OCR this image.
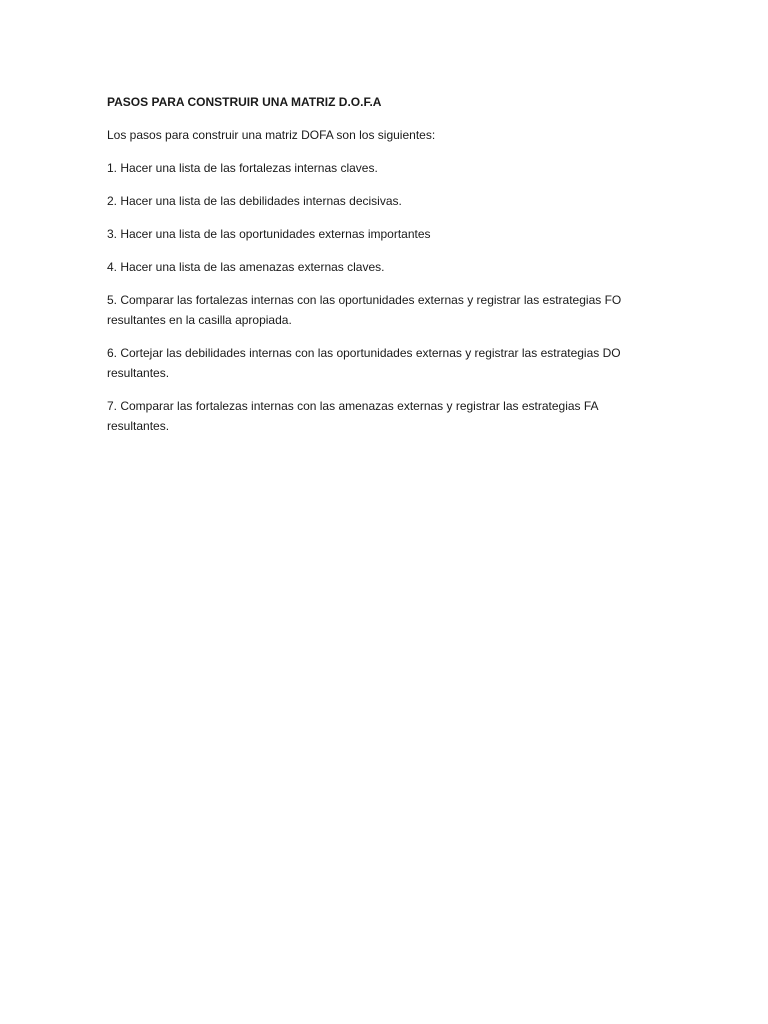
PASOS PARA CONSTRUIR UNA MATRIZ D.O.F.A

Los pasos para construir una matriz DOFA son los siguientes:

1. Hacer una lista de las fortalezas internas claves.

2. Hacer una lista de las debilidades internas decisivas.

3. Hacer una lista de las oportunidades externas importantes

4. Hacer una lista de las amenazas externas claves.

5. Comparar las fortalezas internas con las oportunidades externas y registrar las estrategias FO resultantes en la casilla apropiada.

6. Cortejar las debilidades internas con las oportunidades externas y registrar las estrategias DO resultantes.

7. Comparar las fortalezas internas con las amenazas externas y registrar las estrategias FA resultantes.
